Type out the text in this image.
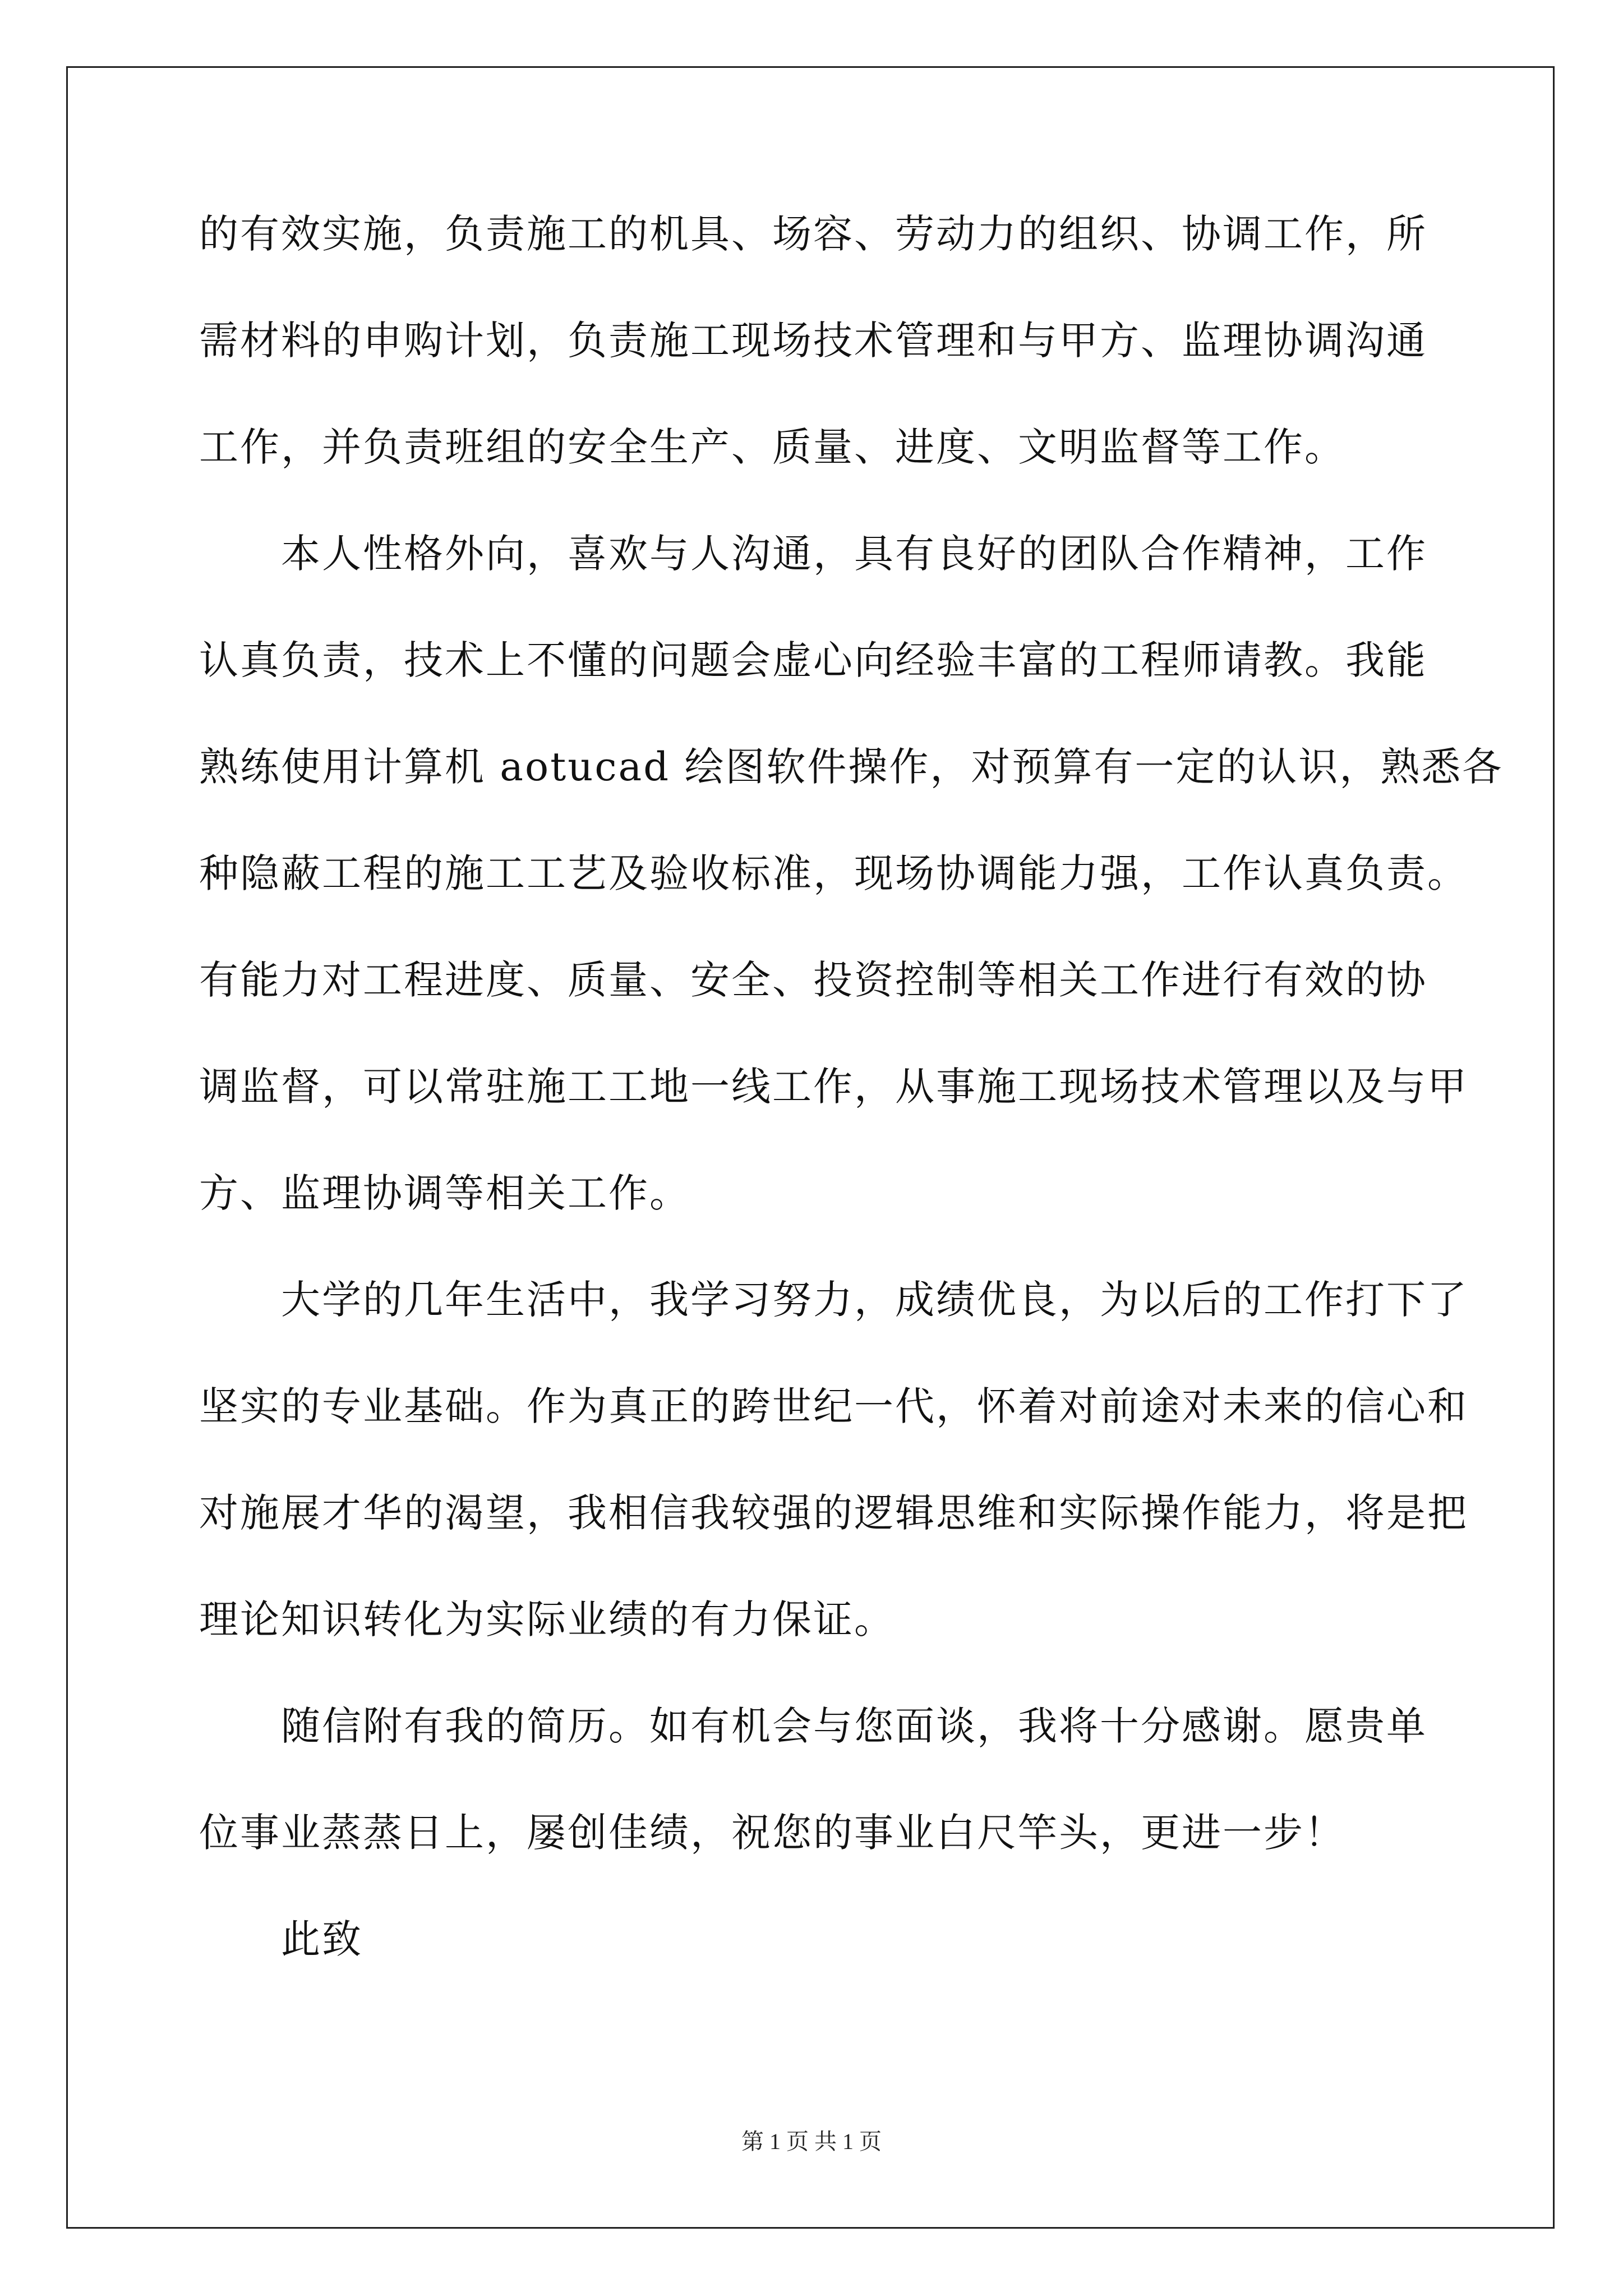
的有效实施，负责施工的机具、场容、劳动力的组织、协调工作，所
需材料的申购计划，负责施工现场技术管理和与甲方、监理协调沟通
工作，并负责班组的安全生产、质量、进度、文明监督等工作。
本人性格外向，喜欢与人沟通，具有良好的团队合作精神，工作
认真负责，技术上不懂的问题会虚心向经验丰富的工程师请教。我能
熟练使用计算机 aotucad 绘图软件操作，对预算有一定的认识，熟悉各
种隐蔽工程的施工工艺及验收标准，现场协调能力强，工作认真负责。
有能力对工程进度、质量、安全、投资控制等相关工作进行有效的协
调监督，可以常驻施工工地一线工作，从事施工现场技术管理以及与甲
方、监理协调等相关工作。
大学的几年生活中，我学习努力，成绩优良，为以后的工作打下了
坚实的专业基础。作为真正的跨世纪一代，怀着对前途对未来的信心和
对施展才华的渴望，我相信我较强的逻辑思维和实际操作能力，将是把
理论知识转化为实际业绩的有力保证。
随信附有我的简历。如有机会与您面谈，我将十分感谢。愿贵单
位事业蒸蒸日上，屡创佳绩，祝您的事业白尺竿头，更进一步！
此致
第 1 页 共 1 页
